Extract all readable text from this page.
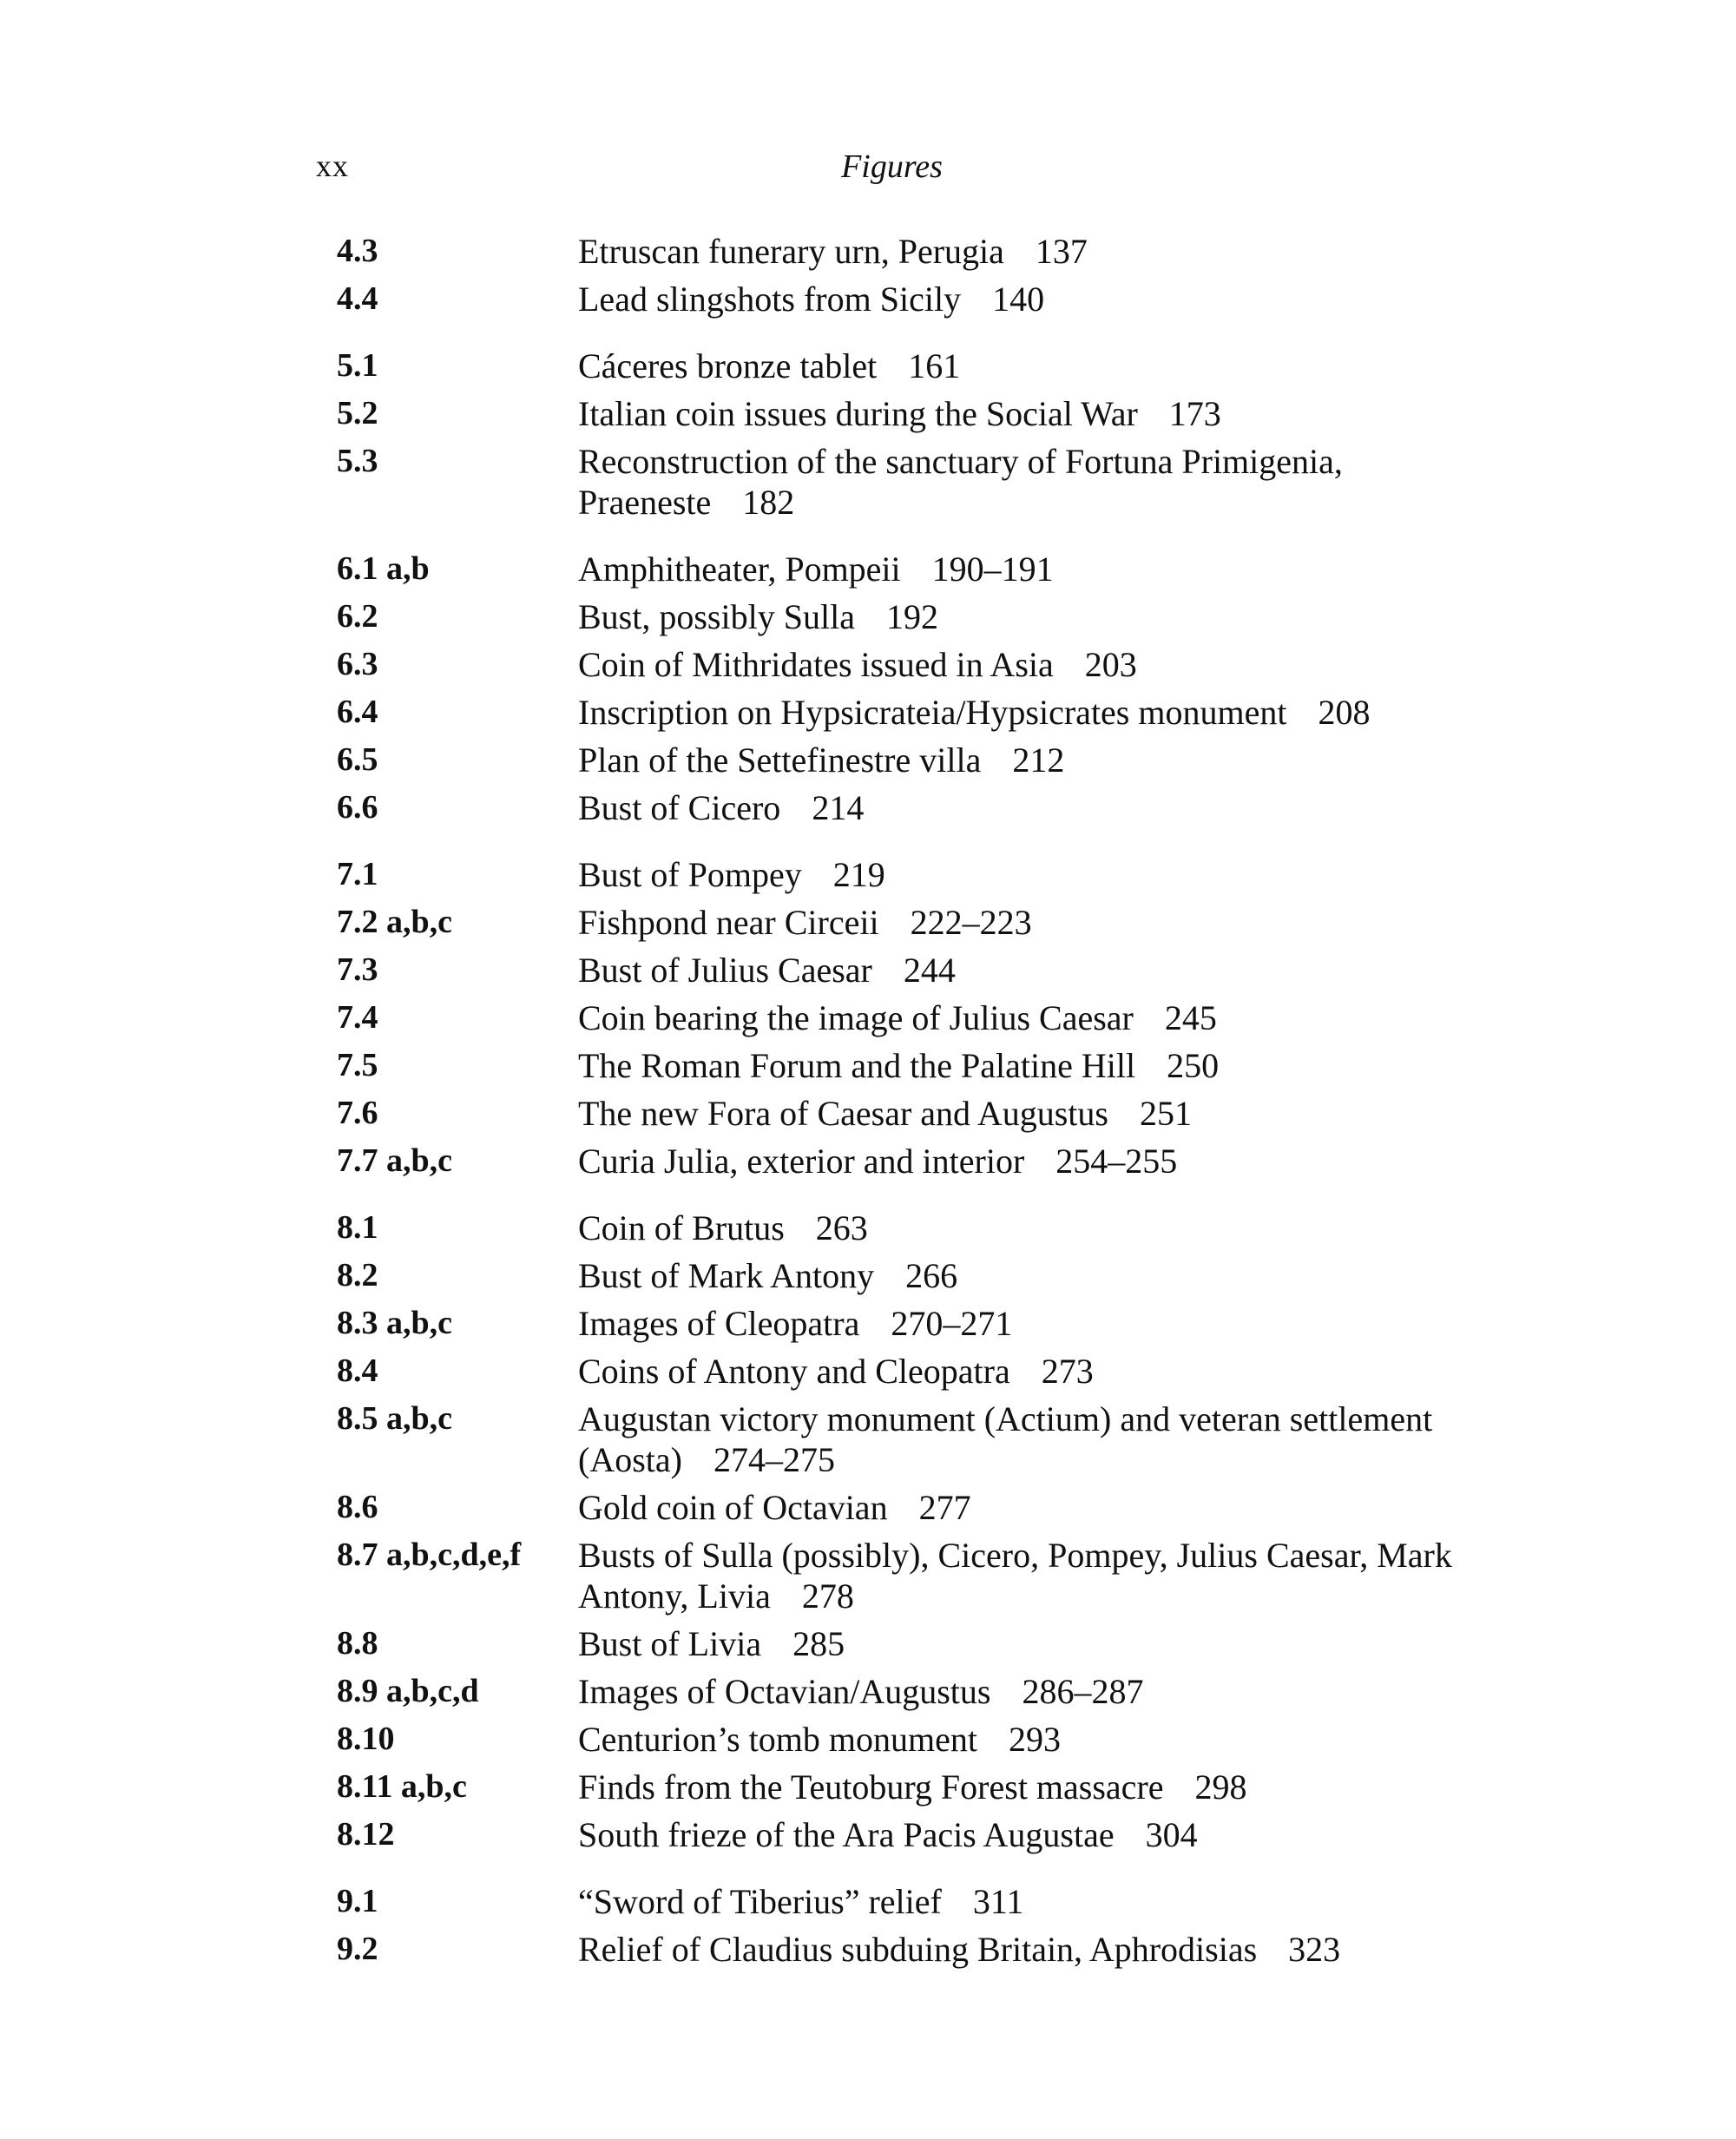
xx	Figures
4.3	Etruscan funerary urn, Perugia 137
4.4	Lead slingshots from Sicily 140
5.1	Cáceres bronze tablet 161
5.2	Italian coin issues during the Social War 173
5.3	Reconstruction of the sanctuary of Fortuna Primigenia, Praeneste 182
6.1 a,b	Amphitheater, Pompeii 190–191
6.2	Bust, possibly Sulla 192
6.3	Coin of Mithridates issued in Asia 203
6.4	Inscription on Hypsicrateia/Hypsicrates monument 208
6.5	Plan of the Settefinestre villa 212
6.6	Bust of Cicero 214
7.1	Bust of Pompey 219
7.2 a,b,c	Fishpond near Circeii 222–223
7.3	Bust of Julius Caesar 244
7.4	Coin bearing the image of Julius Caesar 245
7.5	The Roman Forum and the Palatine Hill 250
7.6	The new Fora of Caesar and Augustus 251
7.7 a,b,c	Curia Julia, exterior and interior 254–255
8.1	Coin of Brutus 263
8.2	Bust of Mark Antony 266
8.3 a,b,c	Images of Cleopatra 270–271
8.4	Coins of Antony and Cleopatra 273
8.5 a,b,c	Augustan victory monument (Actium) and veteran settlement (Aosta) 274–275
8.6	Gold coin of Octavian 277
8.7 a,b,c,d,e,f	Busts of Sulla (possibly), Cicero, Pompey, Julius Caesar, Mark Antony, Livia 278
8.8	Bust of Livia 285
8.9 a,b,c,d	Images of Octavian/Augustus 286–287
8.10	Centurion’s tomb monument 293
8.11 a,b,c	Finds from the Teutoburg Forest massacre 298
8.12	South frieze of the Ara Pacis Augustae 304
9.1	“Sword of Tiberius” relief 311
9.2	Relief of Claudius subduing Britain, Aphrodisias 323
